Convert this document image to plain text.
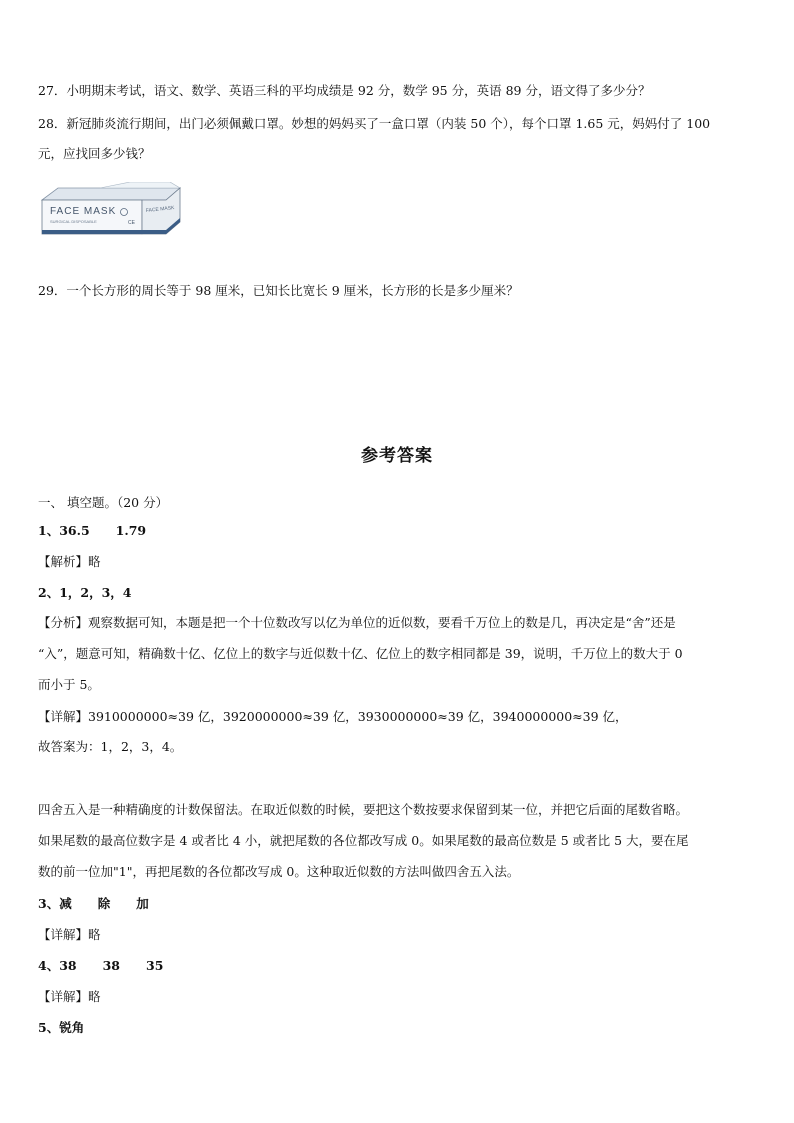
27．小明期末考试，语文、数学、英语三科的平均成绩是 92 分，数学 95 分，英语 89 分，语文得了多少分？
28．新冠肺炎流行期间，出门必须佩戴口罩。妙想的妈妈买了一盒口罩（内装 50 个），每个口罩 1.65 元，妈妈付了 100
元，应找回多少钱？
FACE MASK
SURGICAL DISPOSABLE	CE
FACE MASK
29．一个长方形的周长等于 98 厘米，已知长比宽长 9 厘米，长方形的长是多少厘米？
参考答案
一、 填空题。（20 分）
1、36.5 1.79
【解析】略
2、1，2，3，4
【分析】观察数据可知，本题是把一个十位数改写以亿为单位的近似数，要看千万位上的数是几，再决定是“舍”还是
“入”，题意可知，精确数十亿、亿位上的数字与近似数十亿、亿位上的数字相同都是 39，说明，千万位上的数大于 0
而小于 5。
【详解】3910000000≈39 亿，3920000000≈39 亿，3930000000≈39 亿，3940000000≈39 亿，
故答案为：1，2，3，4。
四舍五入是一种精确度的计数保留法。在取近似数的时候，要把这个数按要求保留到某一位，并把它后面的尾数省略。
如果尾数的最高位数字是 4 或者比 4 小，就把尾数的各位都改写成 0。如果尾数的最高位数是 5 或者比 5 大，要在尾
数的前一位加"1"，再把尾数的各位都改写成 0。这种取近似数的方法叫做四舍五入法。
3、减 除 加
【详解】略
4、38 38 35
【详解】略
5、锐角
